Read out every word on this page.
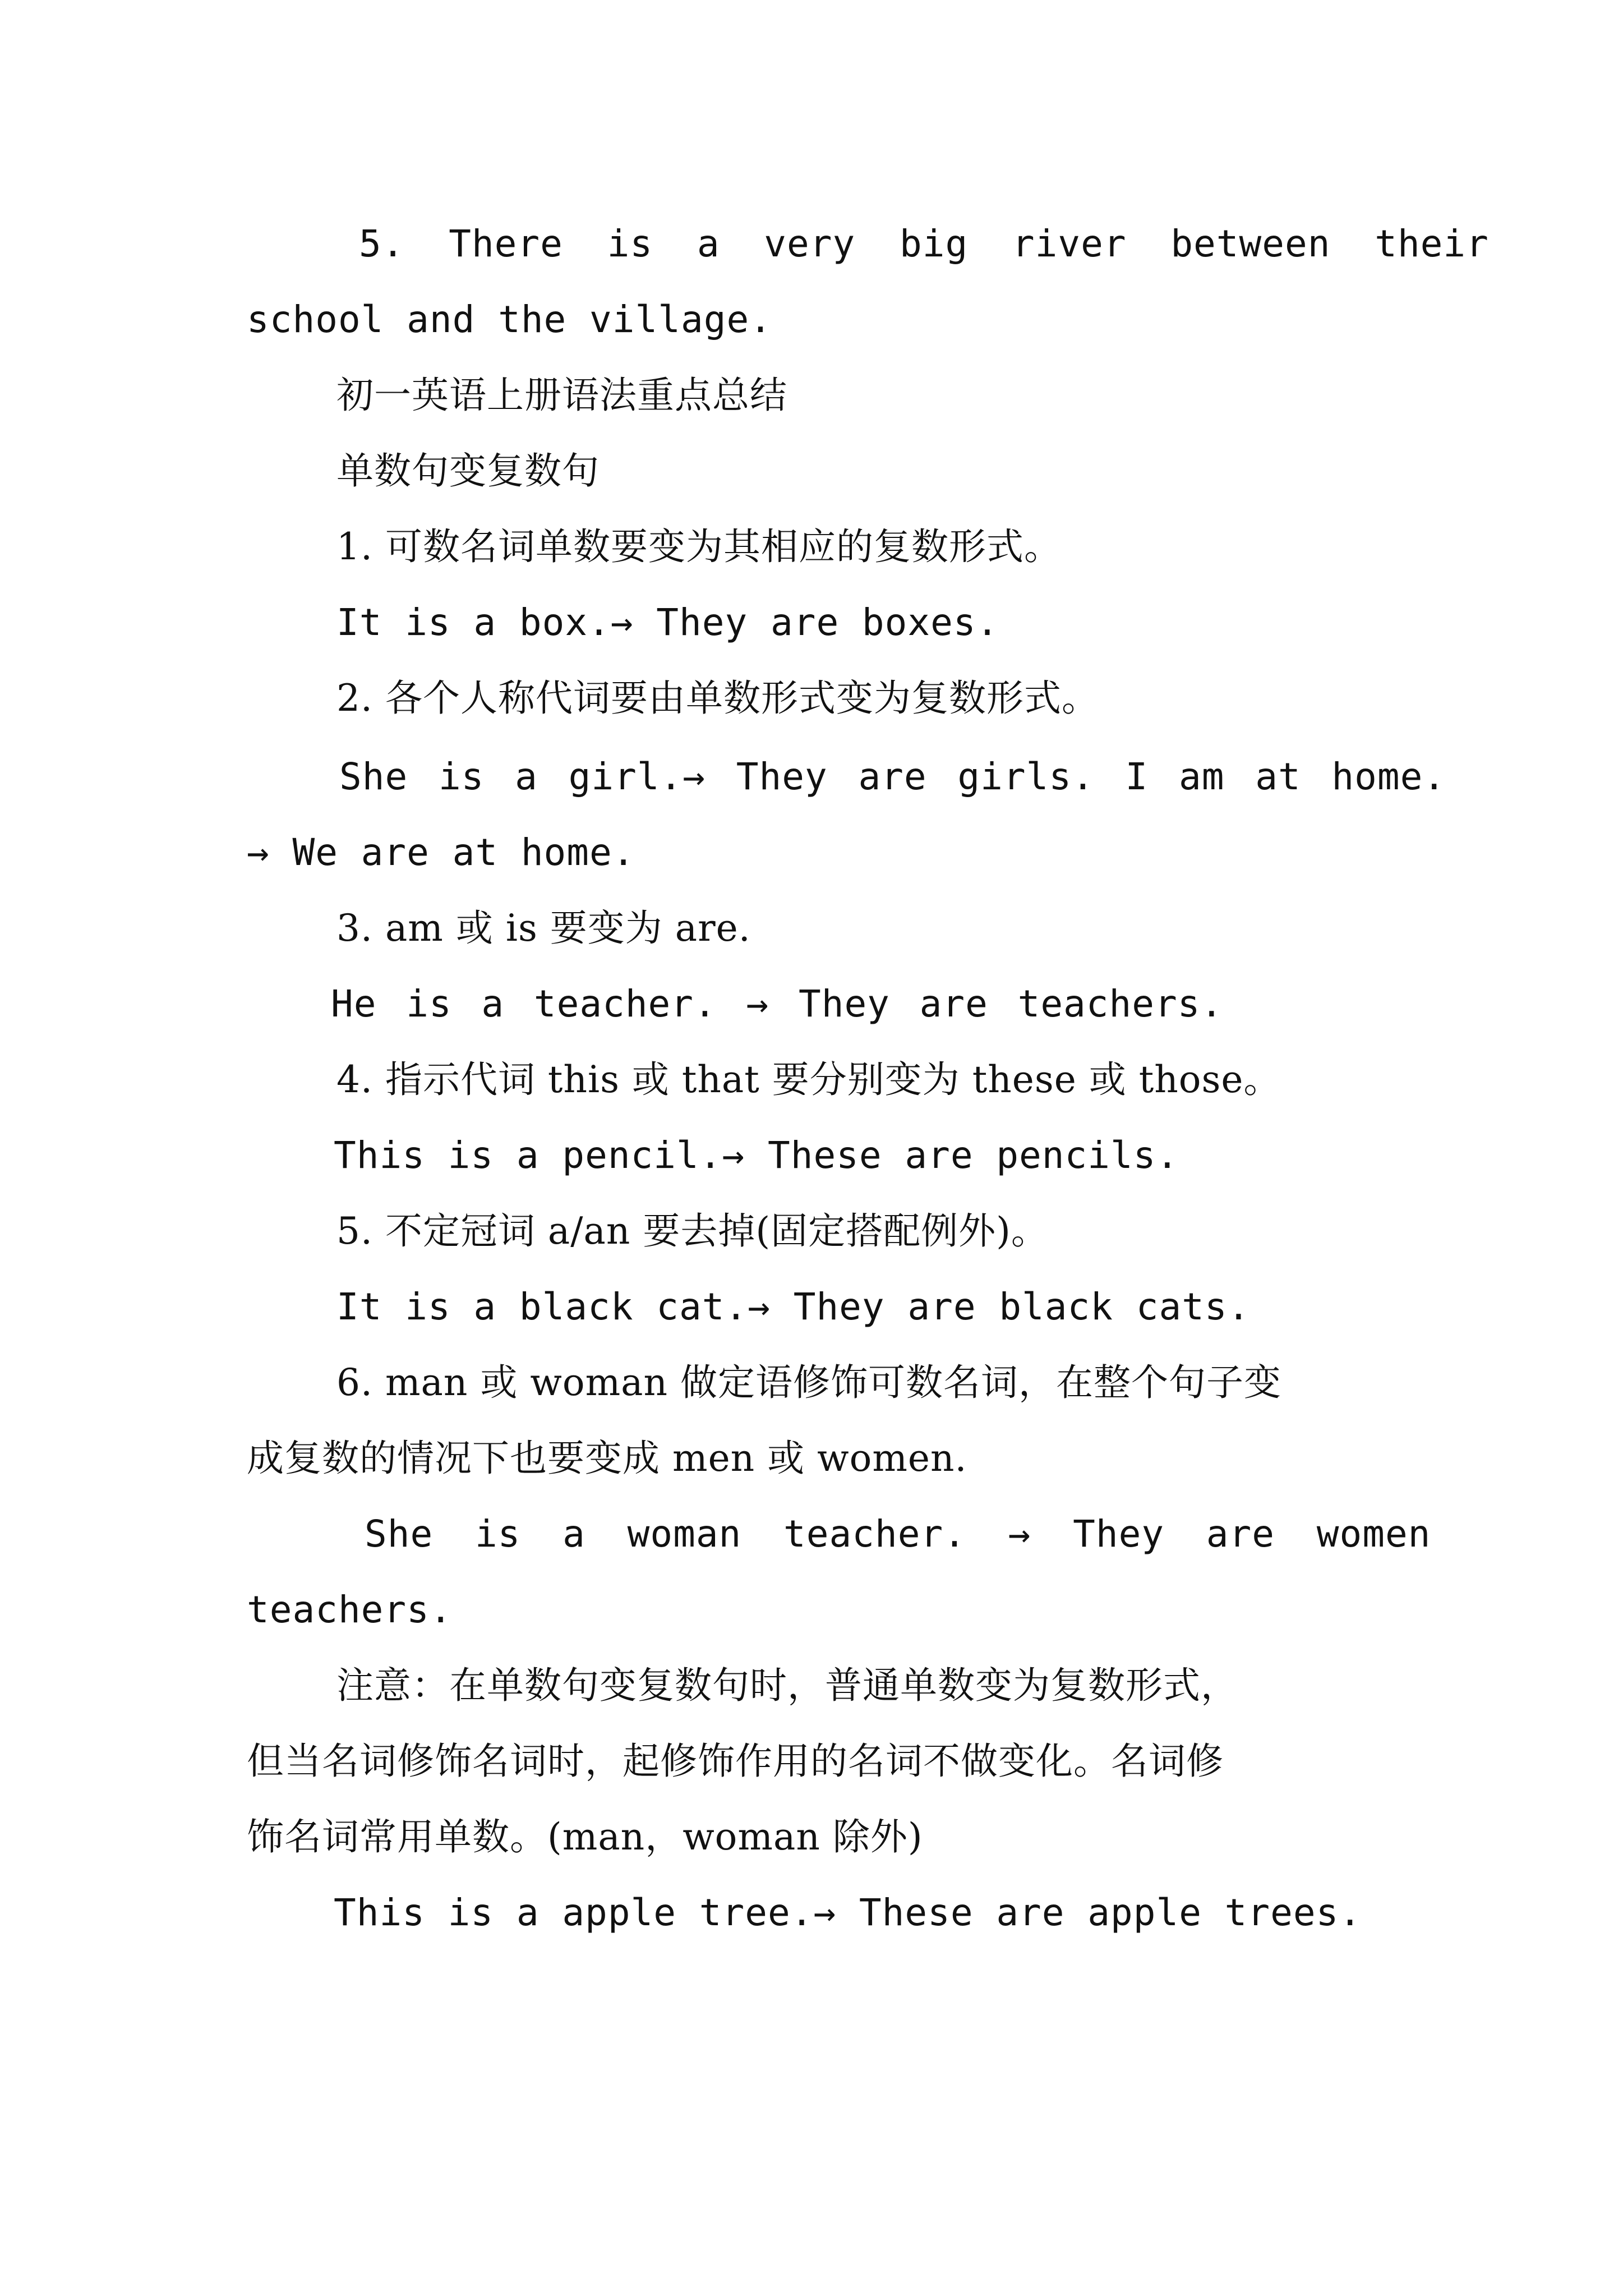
5. There is a very big river between their
school and the village.
初一英语上册语法重点总结
单数句变复数句
1. 可数名词单数要变为其相应的复数形式。
It is a box.→ They are boxes.
2. 各个人称代词要由单数形式变为复数形式。
She is a girl.→ They are girls. I am at home.
→ We are at home.
3. am 或 is 要变为 are.
He is a teacher. → They are teachers.
4. 指示代词 this 或 that 要分别变为 these 或 those。
This is a pencil.→ These are pencils.
5. 不定冠词 a/an 要去掉(固定搭配例外)。
It is a black cat.→ They are black cats.
6. man 或 woman 做定语修饰可数名词，在整个句子变
成复数的情况下也要变成 men 或 women.
She is a woman teacher. → They are women
teachers.
注意：在单数句变复数句时，普通单数变为复数形式，
但当名词修饰名词时，起修饰作用的名词不做变化。名词修
饰名词常用单数。(man，woman 除外)
This is a apple tree.→ These are apple trees.
